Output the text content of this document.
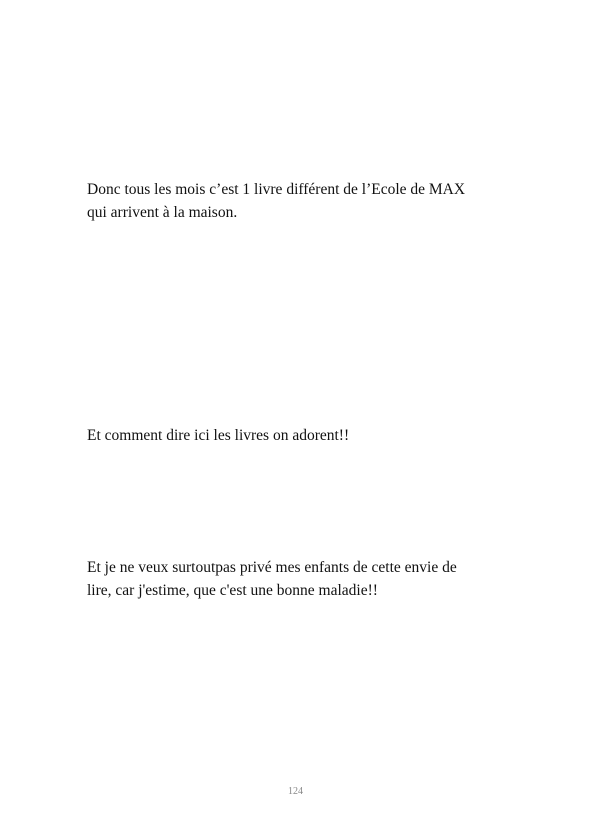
Donc tous les mois c’est 1 livre différent de l’Ecole de MAX
qui arrivent à la maison.

Et comment dire ici les livres on adorent!!

Et je ne veux surtoutpas privé mes enfants de cette envie de
lire, car j'estime, que c'est une bonne maladie!!

124
